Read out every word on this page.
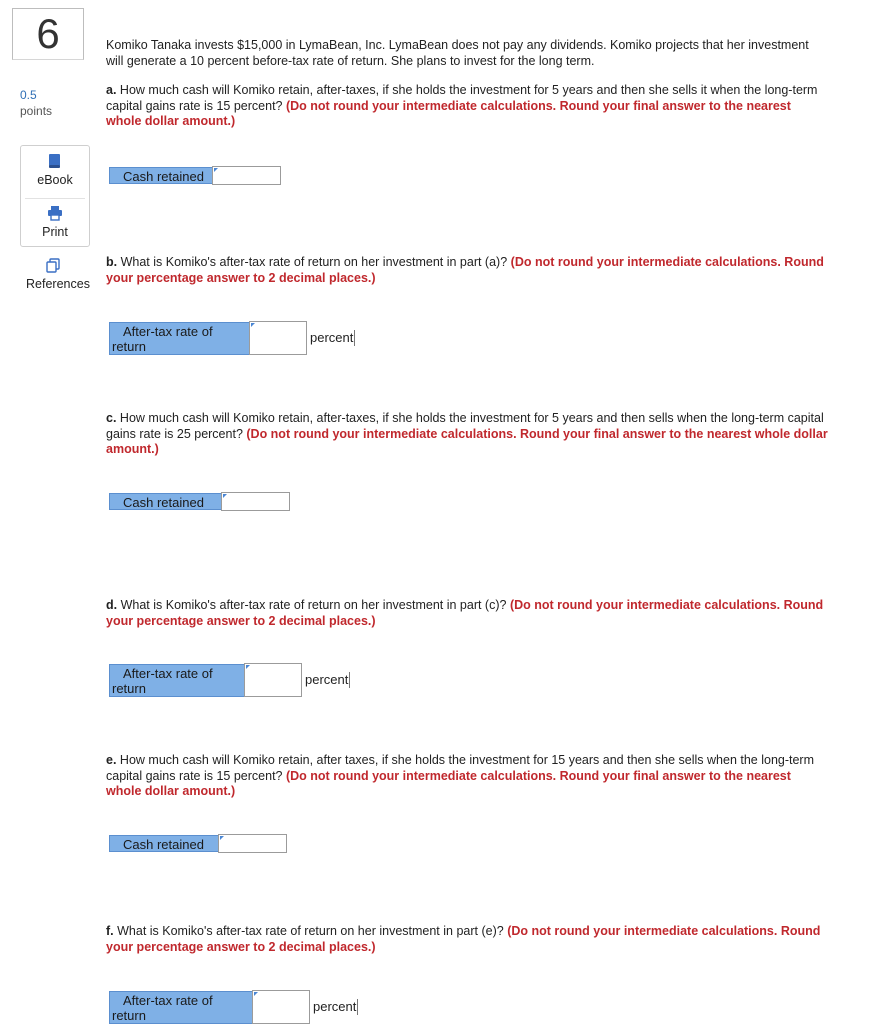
6
0.5
points
eBook
Print
References
Komiko Tanaka invests $15,000 in LymaBean, Inc. LymaBean does not pay any dividends. Komiko projects that her investment will generate a 10 percent before-tax rate of return. She plans to invest for the long term.
a. How much cash will Komiko retain, after-taxes, if she holds the investment for 5 years and then she sells it when the long-term capital gains rate is 15 percent? (Do not round your intermediate calculations. Round your final answer to the nearest whole dollar amount.)
Cash retained
b. What is Komiko's after-tax rate of return on her investment in part (a)? (Do not round your intermediate calculations. Round your percentage answer to 2 decimal places.)
After-tax rate of
return
percent
c. How much cash will Komiko retain, after-taxes, if she holds the investment for 5 years and then sells when the long-term capital gains rate is 25 percent? (Do not round your intermediate calculations. Round your final answer to the nearest whole dollar amount.)
Cash retained
d. What is Komiko's after-tax rate of return on her investment in part (c)? (Do not round your intermediate calculations. Round your percentage answer to 2 decimal places.)
After-tax rate of
return
percent
e. How much cash will Komiko retain, after taxes, if she holds the investment for 15 years and then she sells when the long-term capital gains rate is 15 percent? (Do not round your intermediate calculations. Round your final answer to the nearest whole dollar amount.)
Cash retained
f. What is Komiko's after-tax rate of return on her investment in part (e)? (Do not round your intermediate calculations. Round your percentage answer to 2 decimal places.)
After-tax rate of
return
percent
